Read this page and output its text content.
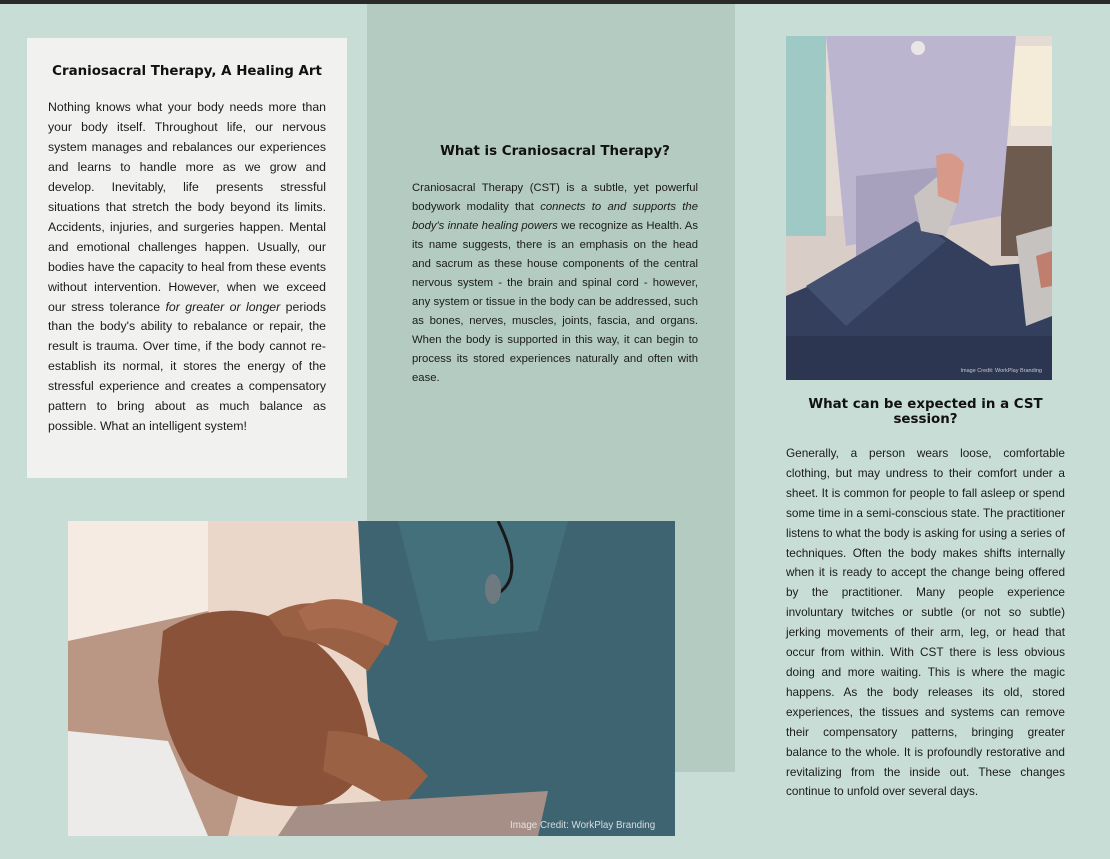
Craniosacral Therapy, A Healing Art

Nothing knows what your body needs more than your body itself. Throughout life, our nervous system manages and rebalances our experiences and learns to handle more as we grow and develop. Inevitably, life presents stressful situations that stretch the body beyond its limits. Accidents, injuries, and surgeries happen. Mental and emotional challenges happen. Usually, our bodies have the capacity to heal from these events without intervention. However, when we exceed our stress tolerance for greater or longer periods than the body's ability to rebalance or repair, the result is trauma. Over time, if the body cannot re-establish its normal, it stores the energy of the stressful experience and creates a compensatory pattern to bring about as much balance as possible. What an intelligent system!

What is Craniosacral Therapy?

Craniosacral Therapy (CST) is a subtle, yet powerful bodywork modality that connects to and supports the body's innate healing powers we recognize as Health. As its name suggests, there is an emphasis on the head and sacrum as these house components of the central nervous system - the brain and spinal cord - however, any system or tissue in the body can be addressed, such as bones, nerves, muscles, joints, fascia, and organs. When the body is supported in this way, it can begin to process its stored experiences naturally and often with ease.

Image Credit: WorkPlay Branding
What can be expected in a CST session?

Generally, a person wears loose, comfortable clothing, but may undress to their comfort under a sheet. It is common for people to fall asleep or spend some time in a semi-conscious state. The practitioner listens to what the body is asking for using a series of techniques. Often the body makes shifts internally when it is ready to accept the change being offered by the practitioner. Many people experience involuntary twitches or subtle (or not so subtle) jerking movements of their arm, leg, or head that occur from within. With CST there is less obvious doing and more waiting. This is where the magic happens. As the body releases its old, stored experiences, the tissues and systems can remove their compensatory patterns, bringing greater balance to the whole. It is profoundly restorative and revitalizing from the inside out. These changes continue to unfold over several days.

Image Credit: WorkPlay Branding
